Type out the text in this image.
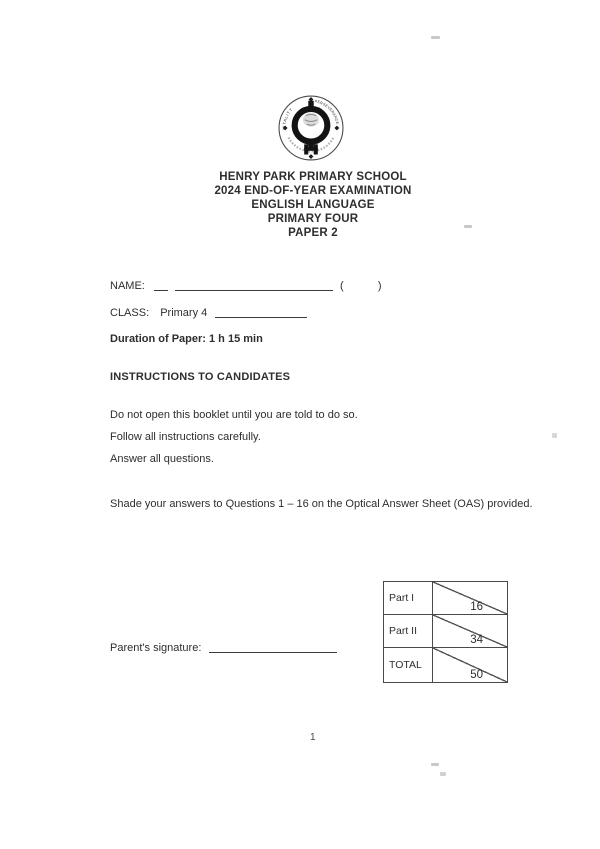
VITALITY
PERSEVERANCE
HENRY PARK PRIMARY SCHOOL
2024 END-OF-YEAR EXAMINATION
ENGLISH LANGUAGE
PRIMARY FOUR
PAPER 2
NAME:	(	)
CLASS: Primary 4
Duration of Paper: 1 h 15 min
INSTRUCTIONS TO CANDIDATES
Do not open this booklet until you are told to do so.
Follow all instructions carefully.
Answer all questions.
Shade your answers to Questions 1 – 16 on the Optical Answer Sheet (OAS) provided.
Part I
16
Part II
34
TOTAL
50
Parent's signature:
1
